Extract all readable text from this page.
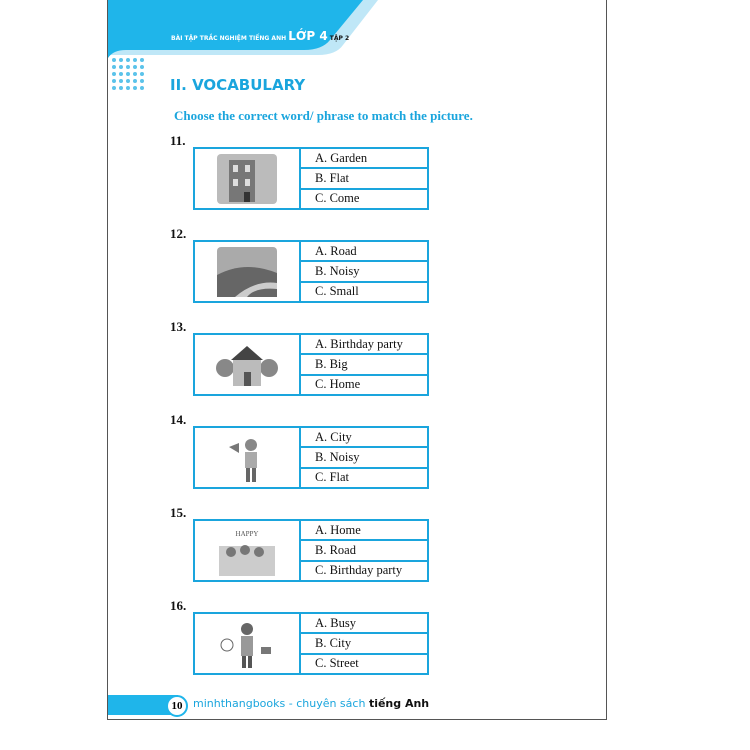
BÀI TẬP TRẮC NGHIỆM TIẾNG ANH LỚP 4 TẬP 2
II. VOCABULARY
Choose the correct word/ phrase to match the picture.
11.
A. Garden
B. Flat
C. Come
12.
A. Road
B. Noisy
C. Small
13.
A. Birthday party
B. Big
C. Home
14.
A. City
B. Noisy
C. Flat
15.
HAPPY	A. Home
B. Road
C. Birthday party
16.
A. Busy
B. City
C. Street
10 minhthangbooks - chuyên sách tiếng Anh
